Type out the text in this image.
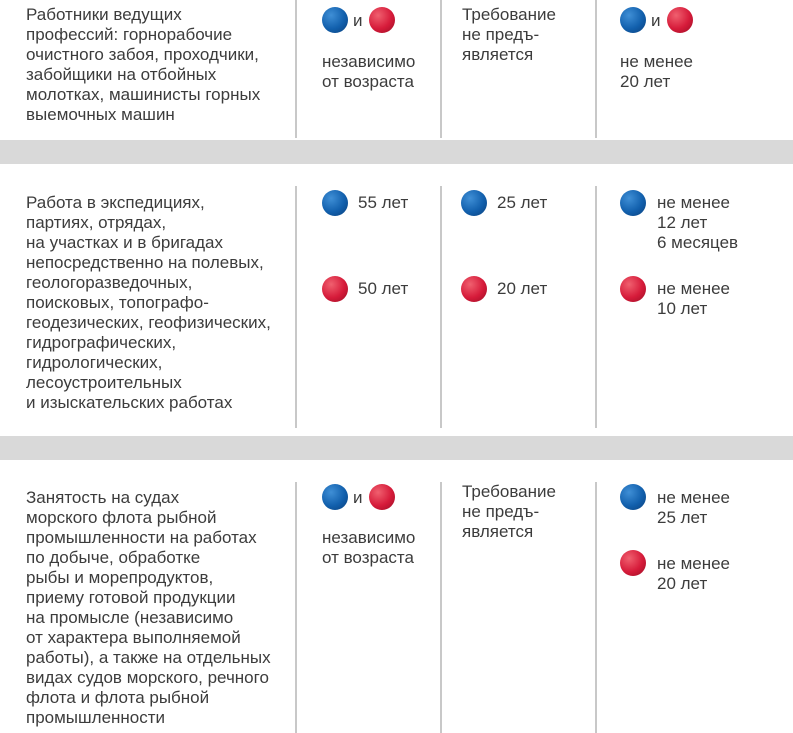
Работники ведущих
профессий: горнорабочие
очистного забоя, проходчики,
забойщики на отбойных
молотках, машинисты горных
выемочных машин
и
независимо
от возраста
Требование
не предъ-
является
и
не менее
20 лет
Работа в экспедициях,
партиях, отрядах,
на участках и в бригадах
непосредственно на полевых,
геологоразведочных,
поисковых, топографо-
геодезических, геофизических,
гидрографических,
гидрологических,
лесоустроительных
и изыскательских работах
55 лет
50 лет
25 лет
20 лет
не менее
12 лет
6 месяцев
не менее
10 лет
Занятость на судах
морского флота рыбной
промышленности на работах
по добыче, обработке
рыбы и морепродуктов,
приему готовой продукции
на промысле (независимо
от характера выполняемой
работы), а также на отдельных
видах судов морского, речного
флота и флота рыбной
промышленности
и
независимо
от возраста
Требование
не предъ-
является
не менее
25 лет
не менее
20 лет
